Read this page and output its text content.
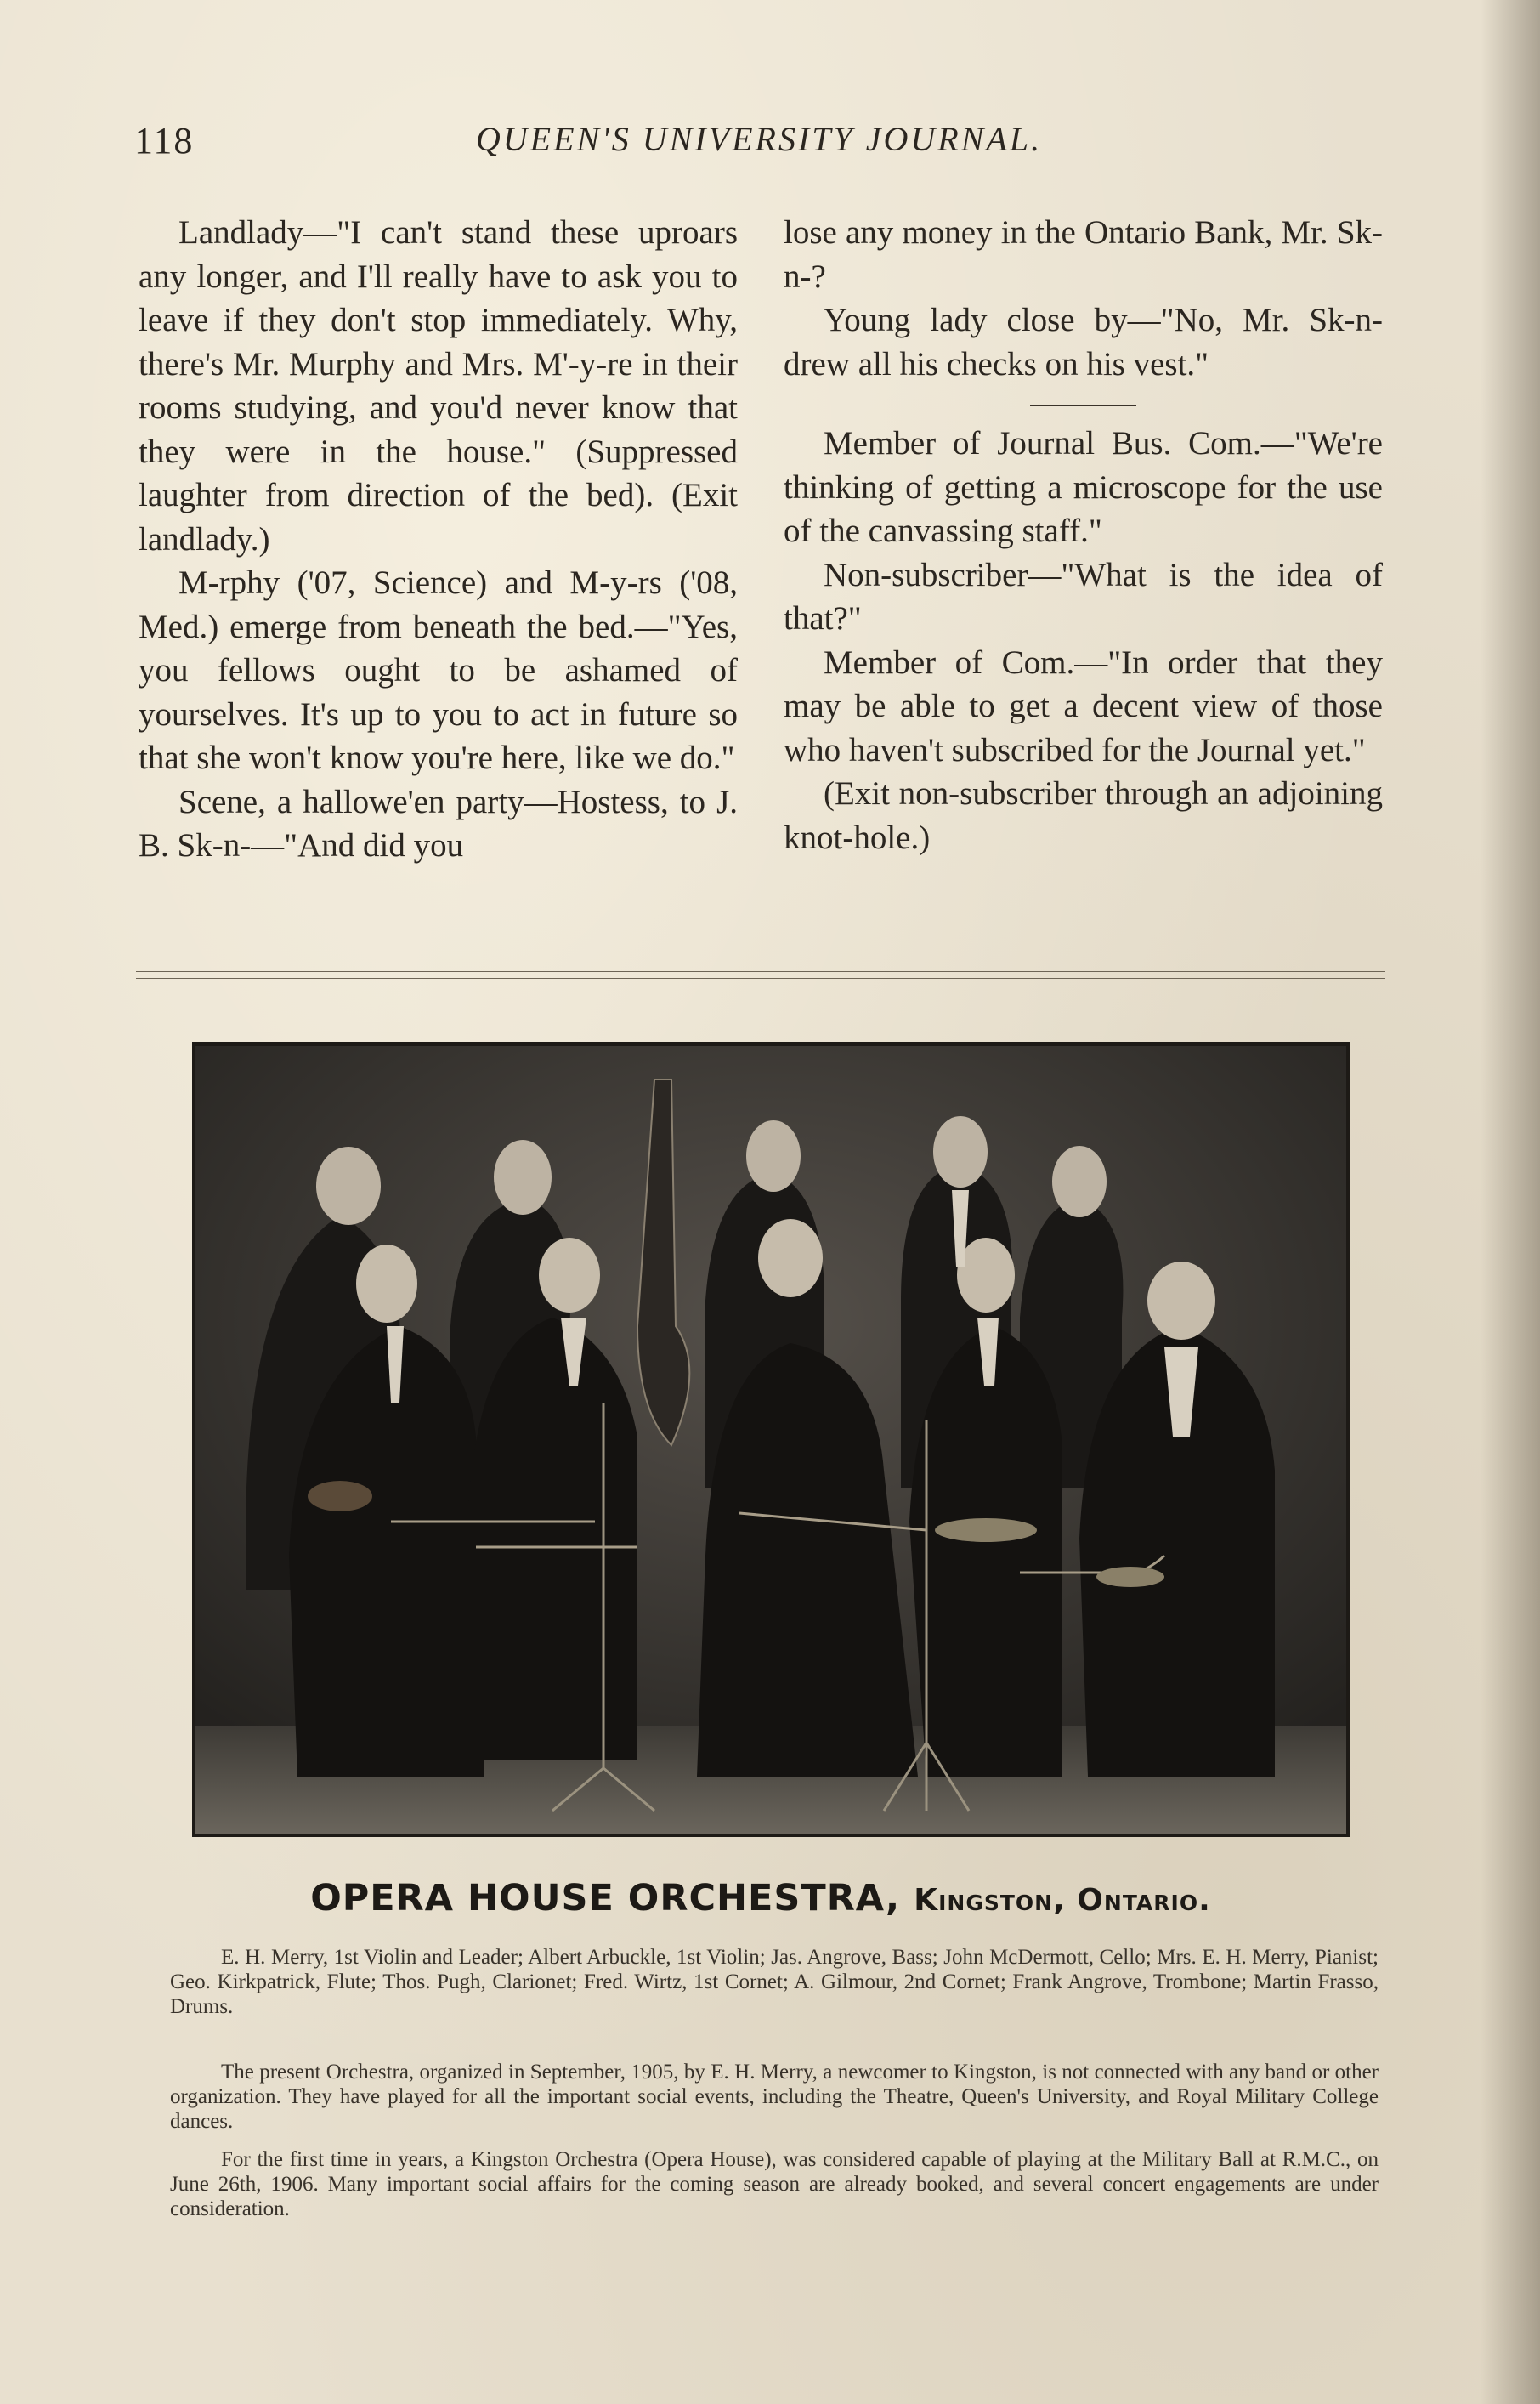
118	QUEEN'S UNIVERSITY JOURNAL.

Landlady—"I can't stand these uproars any longer, and I'll really have to ask you to leave if they don't stop immediately. Why, there's Mr. Murphy and Mrs. M'-y-re in their rooms studying, and you'd never know that they were in the house." (Suppressed laughter from direction of the bed). (Exit landlady.)

M-rphy ('07, Science) and M-y-rs ('08, Med.) emerge from beneath the bed.—"Yes, you fellows ought to be ashamed of yourselves. It's up to you to act in future so that she won't know you're here, like we do."

Scene, a hallowe'en party—Hostess, to J. B. Sk-n-—"And did you

lose any money in the Ontario Bank, Mr. Sk-n-?

Young lady close by—"No, Mr. Sk-n- drew all his checks on his vest."

Member of Journal Bus. Com.—"We're thinking of getting a microscope for the use of the canvassing staff."

Non-subscriber—"What is the idea of that?"

Member of Com.—"In order that they may be able to get a decent view of those who haven't subscribed for the Journal yet."

(Exit non-subscriber through an adjoining knot-hole.)

OPERA HOUSE ORCHESTRA, Kingston, Ontario.

E. H. Merry, 1st Violin and Leader; Albert Arbuckle, 1st Violin; Jas. Angrove, Bass; John McDermott, Cello; Mrs. E. H. Merry, Pianist; Geo. Kirkpatrick, Flute; Thos. Pugh, Clarionet; Fred. Wirtz, 1st Cornet; A. Gilmour, 2nd Cornet; Frank Angrove, Trombone; Martin Frasso, Drums.

The present Orchestra, organized in September, 1905, by E. H. Merry, a newcomer to Kingston, is not connected with any band or other organization. They have played for all the important social events, including the Theatre, Queen's University, and Royal Military College dances.

For the first time in years, a Kingston Orchestra (Opera House), was considered capable of playing at the Military Ball at R.M.C., on June 26th, 1906. Many important social affairs for the coming season are already booked, and several concert engagements are under consideration.
